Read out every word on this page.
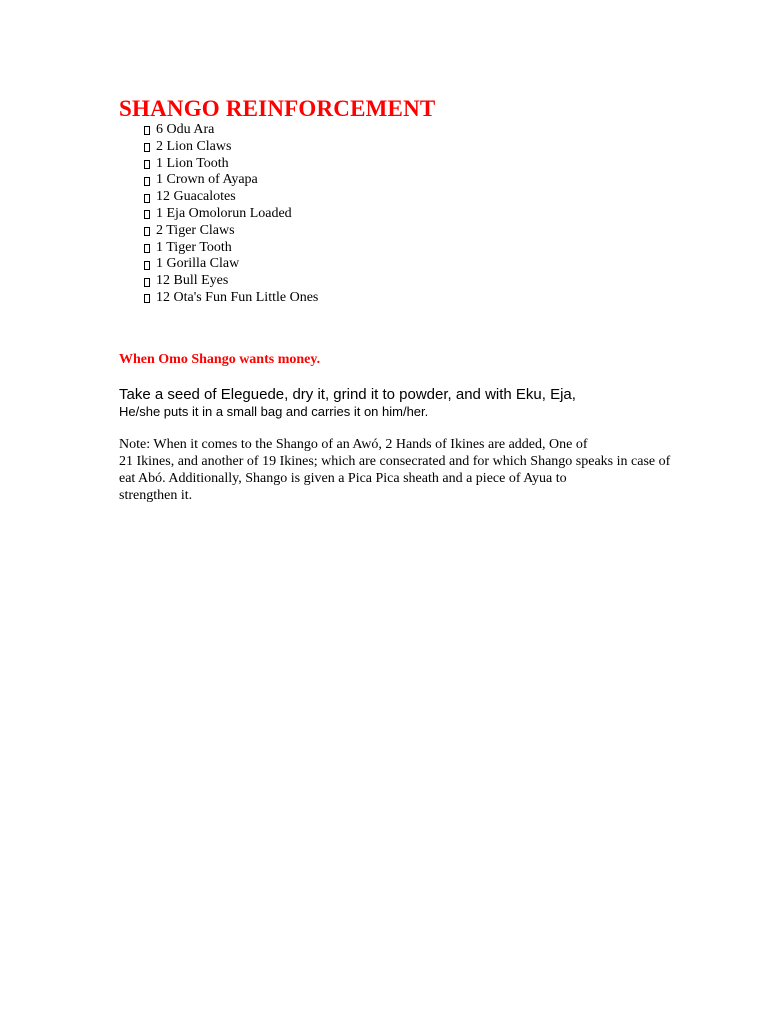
SHANGO REINFORCEMENT
6 Odu Ara
2 Lion Claws
1 Lion Tooth
1 Crown of Ayapa
12 Guacalotes
1 Eja Omolorun Loaded
2 Tiger Claws
1 Tiger Tooth
1 Gorilla Claw
12 Bull Eyes
12 Ota's Fun Fun Little Ones
When Omo Shango wants money.

Take a seed of Eleguede, dry it, grind it to powder, and with Eku, Eja,
He/she puts it in a small bag and carries it on him/her.

Note: When it comes to the Shango of an Awó, 2 Hands of Ikines are added, One of
21 Ikines, and another of 19 Ikines; which are consecrated and for which Shango speaks in case of
eat Abó. Additionally, Shango is given a Pica Pica sheath and a piece of Ayua to
strengthen it.
